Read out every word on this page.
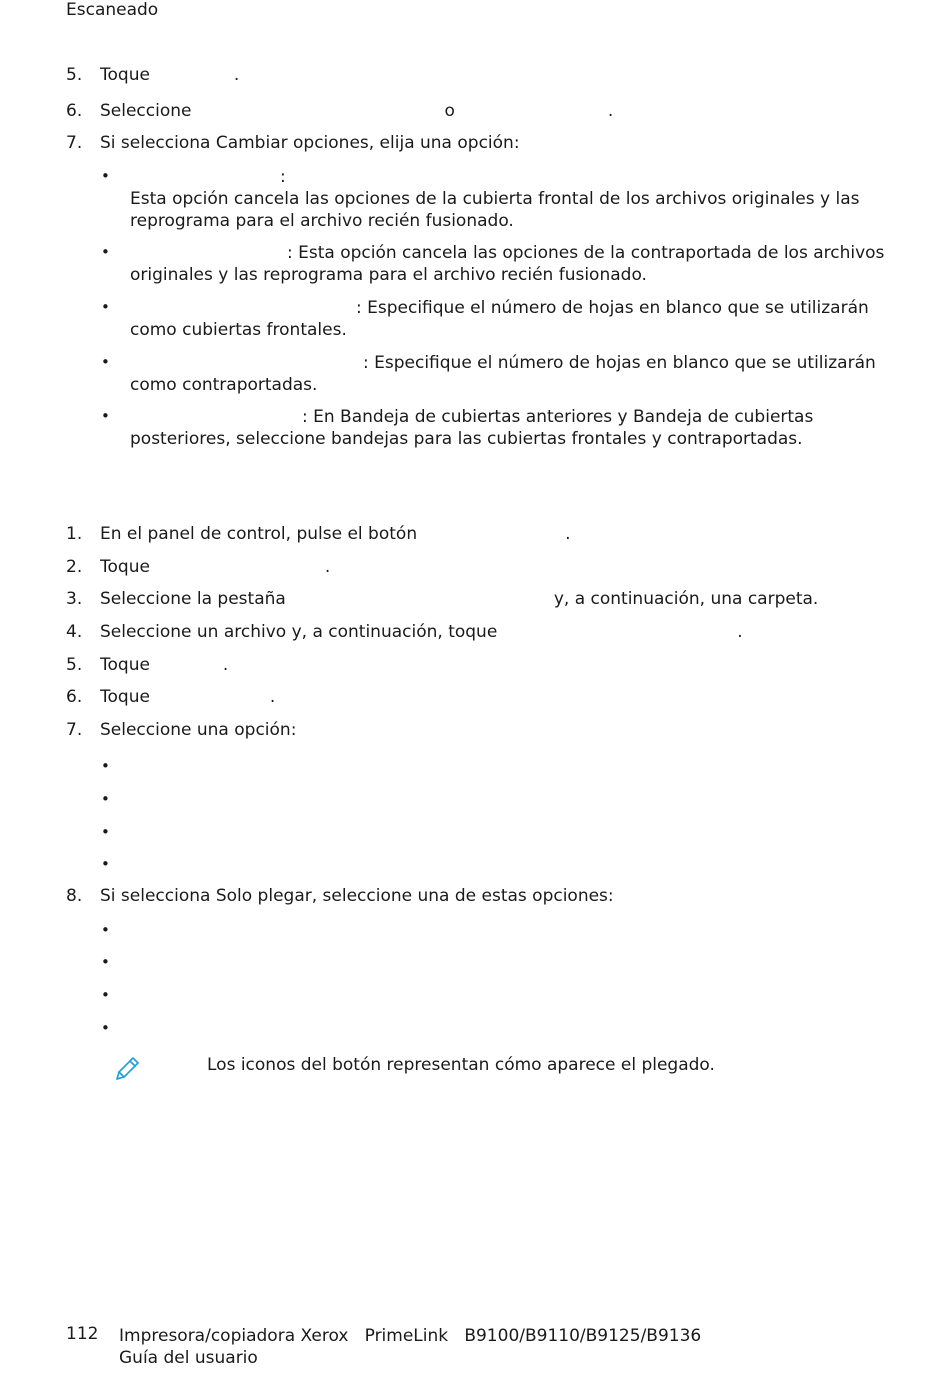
Escaneado
5. Toque	.
6. Seleccione	o	.
7. Si selecciona Cambiar opciones, elija una opción:
•	:
Esta opción cancela las opciones de la cubierta frontal de los archivos originales y las reprograma para el archivo recién fusionado.
•	: Esta opción cancela las opciones de la contraportada de los archivos originales y las reprograma para el archivo recién fusionado.
•	: Especifique el número de hojas en blanco que se utilizarán como cubiertas frontales.
•	: Especifique el número de hojas en blanco que se utilizarán como contraportadas.
•	: En Bandeja de cubiertas anteriores y Bandeja de cubiertas posteriores, seleccione bandejas para las cubiertas frontales y contraportadas.
1. En el panel de control, pulse el botón	.
2. Toque	.
3. Seleccione la pestaña	y, a continuación, una carpeta.
4. Seleccione un archivo y, a continuación, toque	.
5. Toque	.
6. Toque	.
7. Seleccione una opción:
•
•
•
•
8. Si selecciona Solo plegar, seleccione una de estas opciones:
•
•
•
•
Los iconos del botón representan cómo aparece el plegado.
112 Impresora/copiadora Xerox   PrimeLink   B9100/B9110/B9125/B9136
Guía del usuario
